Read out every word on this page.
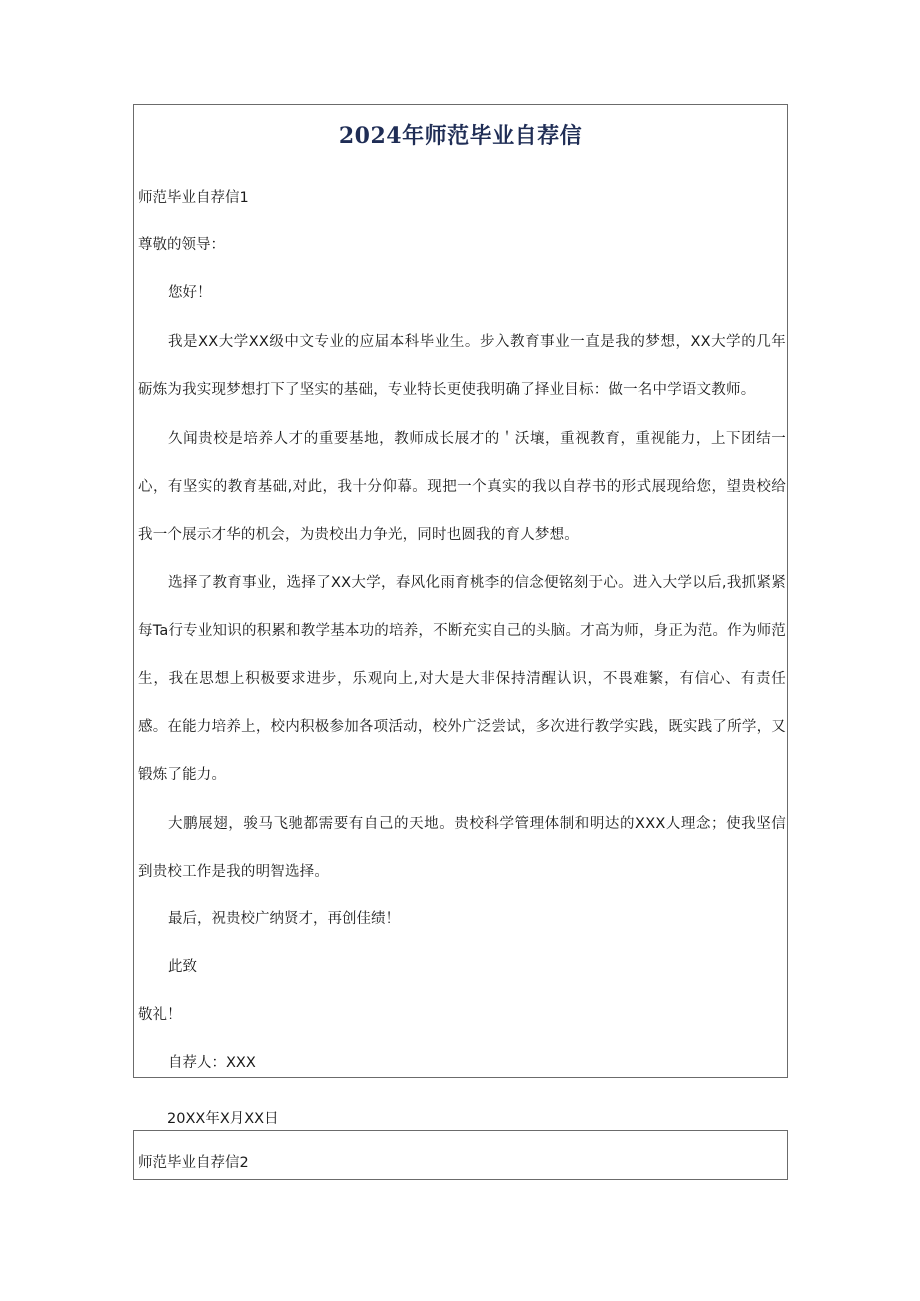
2024年师范毕业自荐信
师范毕业自荐信1
尊敬的领导：
您好！
我是XX大学XX级中文专业的应届本科毕业生。步入教育事业一直是我的梦想，XX大学的几年砺炼为我实现梦想打下了坚实的基础，专业特长更使我明确了择业目标：做一名中学语文教师。
久闻贵校是培养人才的重要基地，教师成长展才的＇沃壤，重视教育，重视能力，上下团结一心，有坚实的教育基础,对此，我十分仰幕。现把一个真实的我以自荐书的形式展现给您，望贵校给我一个展示才华的机会，为贵校出力争光，同时也圆我的育人梦想。
选择了教育事业，选择了XX大学，春风化雨育桃李的信念便铭刻于心。进入大学以后,我抓紧紧每Ta行专业知识的积累和教学基本功的培养，不断充实自己的头脑。才高为师，身正为范。作为师范生，我在思想上积极要求进步，乐观向上,对大是大非保持清醒认识，不畏难繁，有信心、有责任感。在能力培养上，校内积极参加各项活动，校外广泛尝试，多次进行教学实践，既实践了所学，又锻炼了能力。
大鹏展翅，骏马飞驰都需要有自己的天地。贵校科学管理体制和明达的XXX人理念；使我坚信到贵校工作是我的明智选择。
最后，祝贵校广纳贤才，再创佳绩！
此致
敬礼！
自荐人：XXX
20XX年X月XX日
师范毕业自荐信2
